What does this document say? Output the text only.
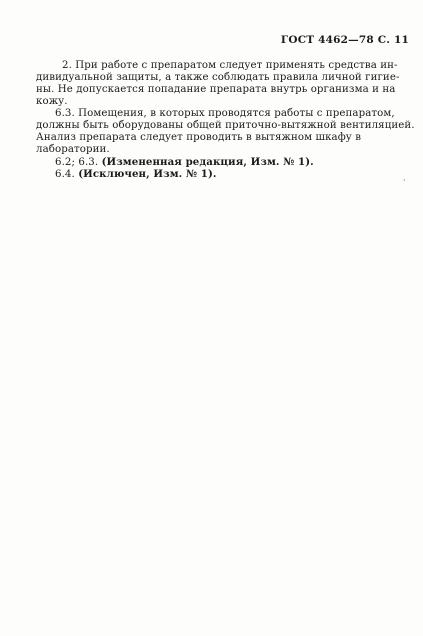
ГОСТ 4462—78 С. 11
2. При работе с препаратом следует применять средства ин-
дивидуальной защиты, а также соблюдать правила личной гигие-
ны. Не допускается попадание препарата внутрь организма и на
кожу.
6.3. Помещения, в которых проводятся работы с препаратом,
должны быть оборудованы общей приточно-вытяжной вентиляцией.
Анализ препарата следует проводить в вытяжном шкафу в
лаборатории.
6.2; 6.3. (Измененная редакция, Изм. № 1).
6.4. (Исключен, Изм. № 1).
·
